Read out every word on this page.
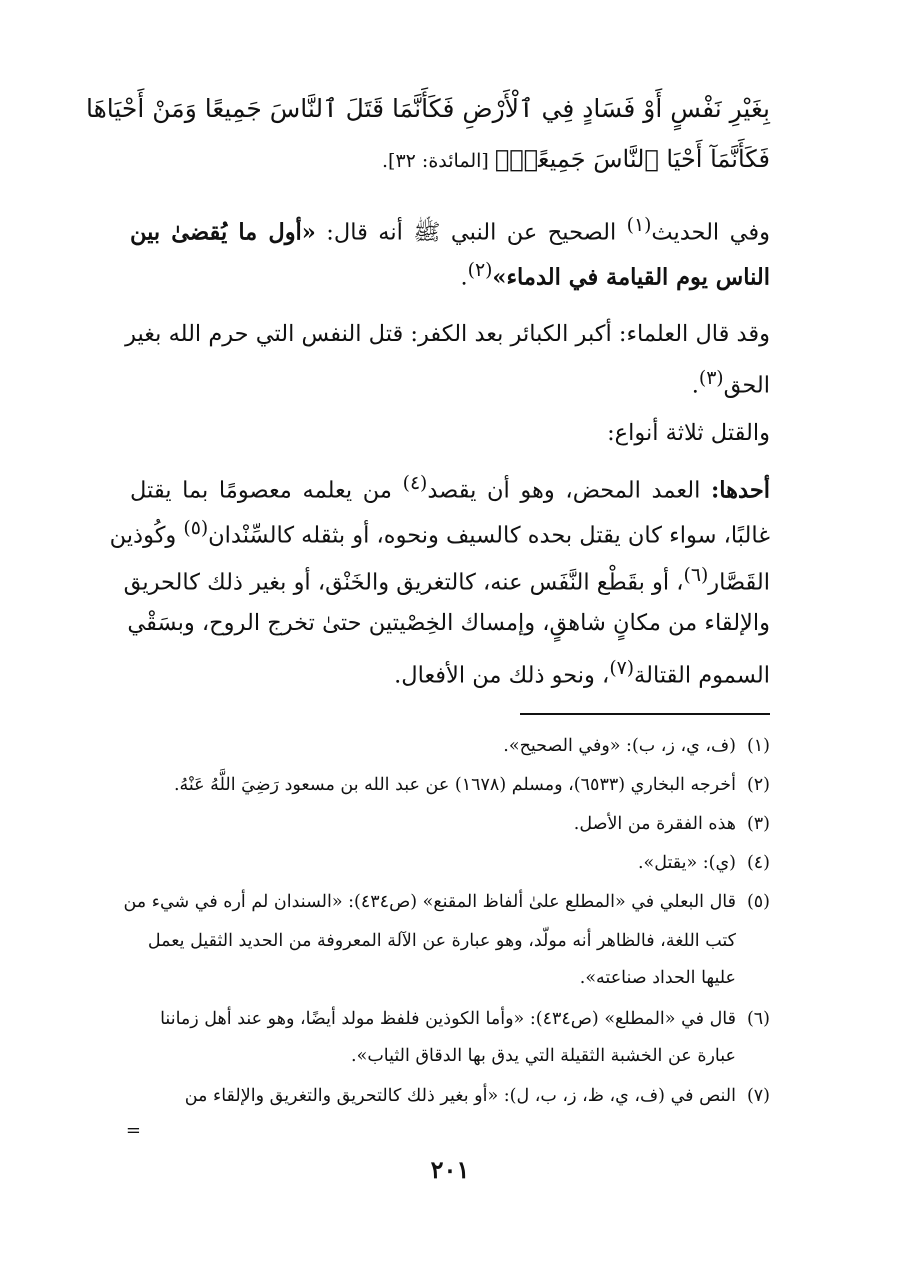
بِغَيْرِ نَفْسٍ أَوْ فَسَادٍ فِي ٱلْأَرْضِ فَكَأَنَّمَا قَتَلَ ٱلنَّاسَ جَمِيعًا وَمَنْ أَحْيَاهَا
فَكَأَنَّمَآ أَحْيَا ٱلنَّاسَ جَمِيعًاۚ﴾ [المائدة: ٣٢].
وفي الحديث$^{(١)}$ الصحيح عن النبي ﷺ أنه قال: «أول ما يُقضىٰ بين
الناس يوم القيامة في الدماء»$^{(٢)}$.
وقد قال العلماء: أكبر الكبائر بعد الكفر: قتل النفس التي حرم الله بغير
الحق$^{(٣)}$.
والقتل ثلاثة أنواع:
أحدها: العمد المحض، وهو أن يقصد$^{(٤)}$ من يعلمه معصومًا بما يقتل
غالبًا، سواء كان يقتل بحده كالسيف ونحوه، أو بثقله كالسِّنْدان$^{(٥)}$ وكُوذين
القَصَّار$^{(٦)}$، أو بقَطْع النَّفَس عنه، كالتغريق والخَنْق، أو بغير ذلك كالحريق
والإلقاء من مكانٍ شاهقٍ، وإمساك الخِصْيتين حتىٰ تخرج الروح، وبسَقْي
السموم القتالة$^{(٧)}$، ونحو ذلك من الأفعال.
(١)(ف، ي، ز، ب): «وفي الصحيح».
(٢)أخرجه البخاري (٦٥٣٣)، ومسلم (١٦٧٨) عن عبد الله بن مسعود رَضِيَ اللَّهُ عَنْهُ.
(٣)هذه الفقرة من الأصل.
(٤)(ي): «يقتل».
(٥)قال البعلي في «المطلع علىٰ ألفاظ المقنع» (ص٤٣٤): «السندان لم أره في شيء من
كتب اللغة، فالظاهر أنه مولّد، وهو عبارة عن الآلة المعروفة من الحديد الثقيل يعمل
عليها الحداد صناعته».
(٦)قال في «المطلع» (ص٤٣٤): «وأما الكوذين فلفظ مولد أيضًا، وهو عند أهل زماننا
عبارة عن الخشبة الثقيلة التي يدق بها الدقاق الثياب».
(٧)النص في (ف، ي، ظ، ز، ب، ل): «أو بغير ذلك كالتحريق والتغريق والإلقاء من
=
٢٠١
